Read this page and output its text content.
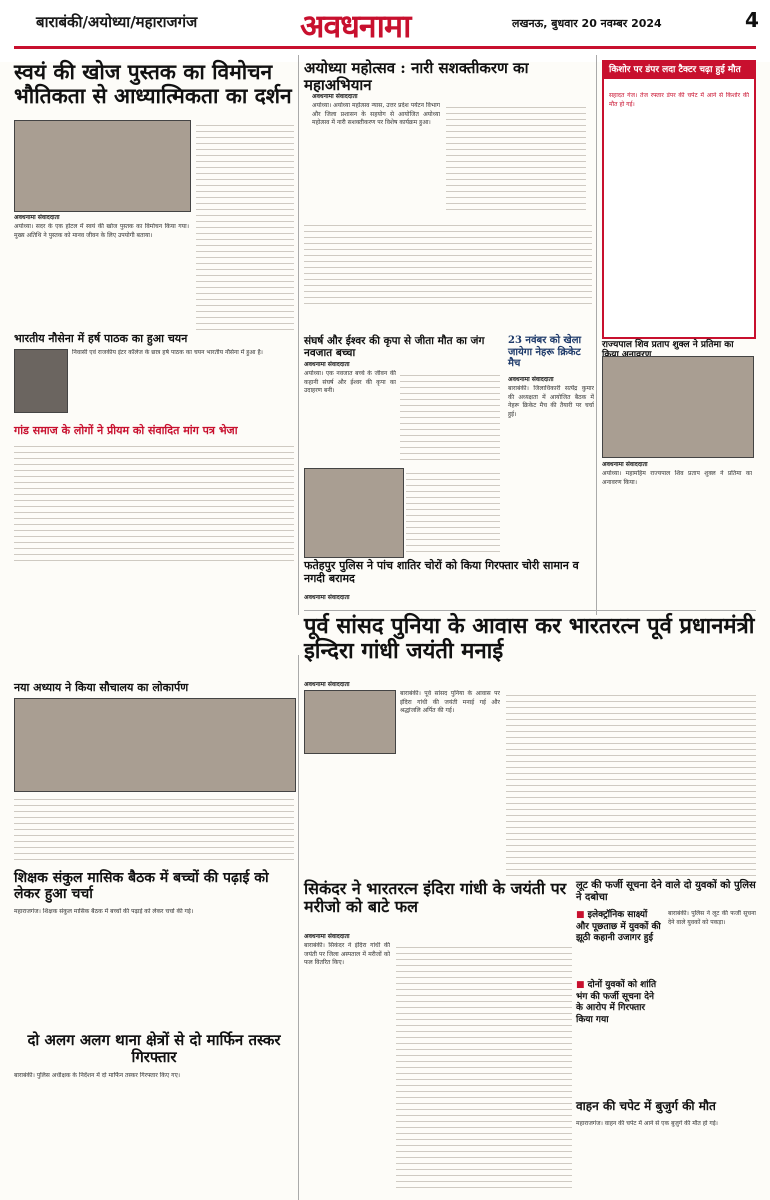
बाराबंकी/अयोध्या/महाराजगंज	अवधनामा	लखनऊ, बुधवार 20 नवम्बर 2024	4
स्वयं की खोज पुस्तक का विमोचन भौतिकता से आध्यात्मिकता का दर्शन
अवधनामा संवाददाता
अयोध्या। सदर के एक होटल में स्वयं की खोज पुस्तक का विमोचन किया गया। मुख्य अतिथि ने पुस्तक को मानव जीवन के लिए उपयोगी बताया।
भारतीय नौसेना में हर्ष पाठक का हुआ चयन
निवासी एवं राजकीय इंटर कॉलेज के छात्र हर्ष पाठक का चयन भारतीय नौसेना में हुआ है।
गांड समाज के लोगों ने प्रीयम को संवादित मांग पत्र भेजा
नया अध्याय ने किया सौचालय का लोकार्पण
शिक्षक संकुल मासिक बैठक में बच्चों की पढ़ाई को लेकर हुआ चर्चा
महाराजगंज। शिक्षक संकुल मासिक बैठक में बच्चों की पढ़ाई को लेकर चर्चा की गई।
दो अलग अलग थाना क्षेत्रों से दो मार्फिन तस्कर गिरफ्तार
बाराबंकी। पुलिस अधीक्षक के निर्देशन में दो मार्फिन तस्कर गिरफ्तार किए गए।
अयोध्या महोत्सव : नारी सशक्तीकरण का महाअभियान
अवधनामा संवाददाता
अयोध्या। अयोध्या महोत्सव न्यास, उत्तर प्रदेश पर्यटन विभाग और जिला प्रशासन के सहयोग से आयोजित अयोध्या महोत्सव में नारी सशक्तीकरण पर विशेष कार्यक्रम हुआ।
संघर्ष और ईश्वर की कृपा से जीता मौत का जंग नवजात बच्चा
अवधनामा संवाददाता
अयोध्या। एक नवजात बच्चे के जीवन की कहानी संघर्ष और ईश्वर की कृपा का उदाहरण बनी।
23 नवंबर को खेला जायेगा नेहरू क्रिकेट मैच
अवधनामा संवाददाता
बाराबंकी। जिलाधिकारी सत्येंद्र कुमार की अध्यक्षता में आयोजित बैठक में नेहरू क्रिकेट मैच की तैयारी पर चर्चा हुई।
फतेहपुर पुलिस ने पांच शातिर चोरों को किया गिरफ्तार चोरी सामान व नगदी बरामद
अवधनामा संवाददाता
किशोर पर डंपर लदा टैक्टर चढ़ा हुई मौत
सहादत गंज। तेज रफ्तार डंपर की चपेट में आने से किशोर की मौत हो गई।
राज्यपाल शिव प्रताप शुक्ल ने प्रतिमा का
अवधनामा संवाददाता
अयोध्या। महामहिम राज्यपाल शिव प्रताप शुक्ल ने प्रतिमा का अनावरण किया।
पूर्व सांसद पुनिया के आवास कर भारतरत्न पूर्व प्रधानमंत्री इन्दिरा गांधी जयंती मनाई
अवधनामा संवाददाता
बाराबंकी। पूर्व सांसद पुनिया के आवास पर इंदिरा गांधी की जयंती मनाई गई और श्रद्धांजलि अर्पित की गई।
सिकंदर ने भारतरत्न इंदिरा गांधी के जयंती पर मरीजो को बाटे फल
अवधनामा संवाददाता
बाराबंकी। सिकंदर ने इंदिरा गांधी की जयंती पर जिला अस्पताल में मरीजों को फल वितरित किए।
लूट की फर्जी सूचना देने वाले दो युवकों को पुलिस ने दबोचा
■ इलेक्ट्रॉनिक साक्ष्यों और पूछताछ में युवकों की झूठी कहानी उजागर हुई
■ दोनों युवकों को शांति भंग की फर्जी सूचना देने के आरोप में गिरफ्तार किया गया
बाराबंकी। पुलिस ने लूट की फर्जी सूचना देने वाले युवकों को पकड़ा।
वाहन की चपेट में बुजुर्ग की मौत
महाराजगंज। वाहन की चपेट में आने से एक बुजुर्ग की मौत हो गई।
